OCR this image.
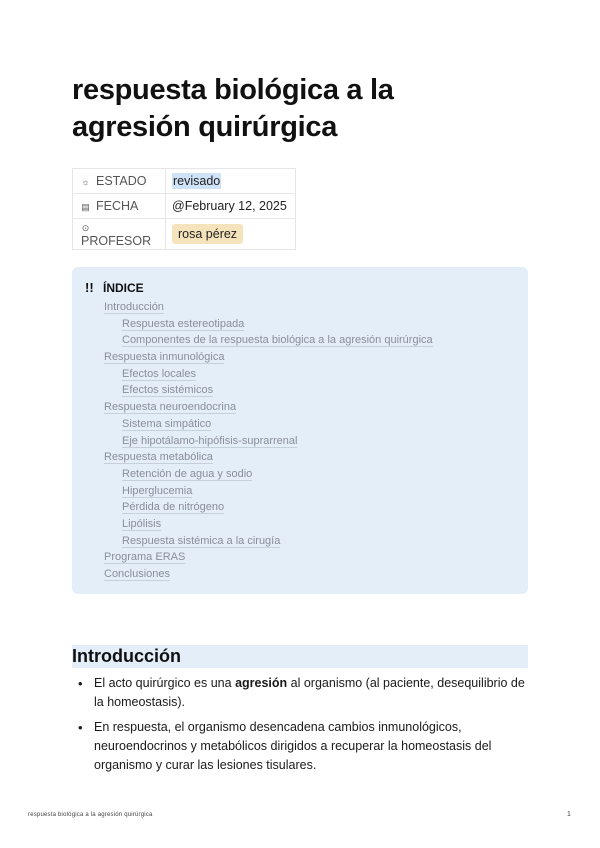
respuesta biológica a la
agresión quirúrgica
☼ ESTADO	revisado
▤ FECHA	@February 12, 2025
⊙PROFESOR	rosa pérez
!! ÍNDICE
Introducción
Respuesta estereotipada
Componentes de la respuesta biológica a la agresión quirúrgica
Respuesta inmunológica
Efectos locales
Efectos sistémicos
Respuesta neuroendocrina
Sistema simpático
Eje hipotálamo-hipófisis-suprarrenal
Respuesta metabólica
Retención de agua y sodio
Hiperglucemia
Pérdida de nitrógeno
Lipólisis
Respuesta sistémica a la cirugía
Programa ERAS
Conclusiones
Introducción
• El acto quirúrgico es una agresión al organismo (al paciente, desequilibrio de la homeostasis).
• En respuesta, el organismo desencadena cambios inmunológicos, neuroendocrinos y metabólicos dirigidos a recuperar la homeostasis del organismo y curar las lesiones tisulares.
respuesta biológica a la agresión quirúrgica	1
